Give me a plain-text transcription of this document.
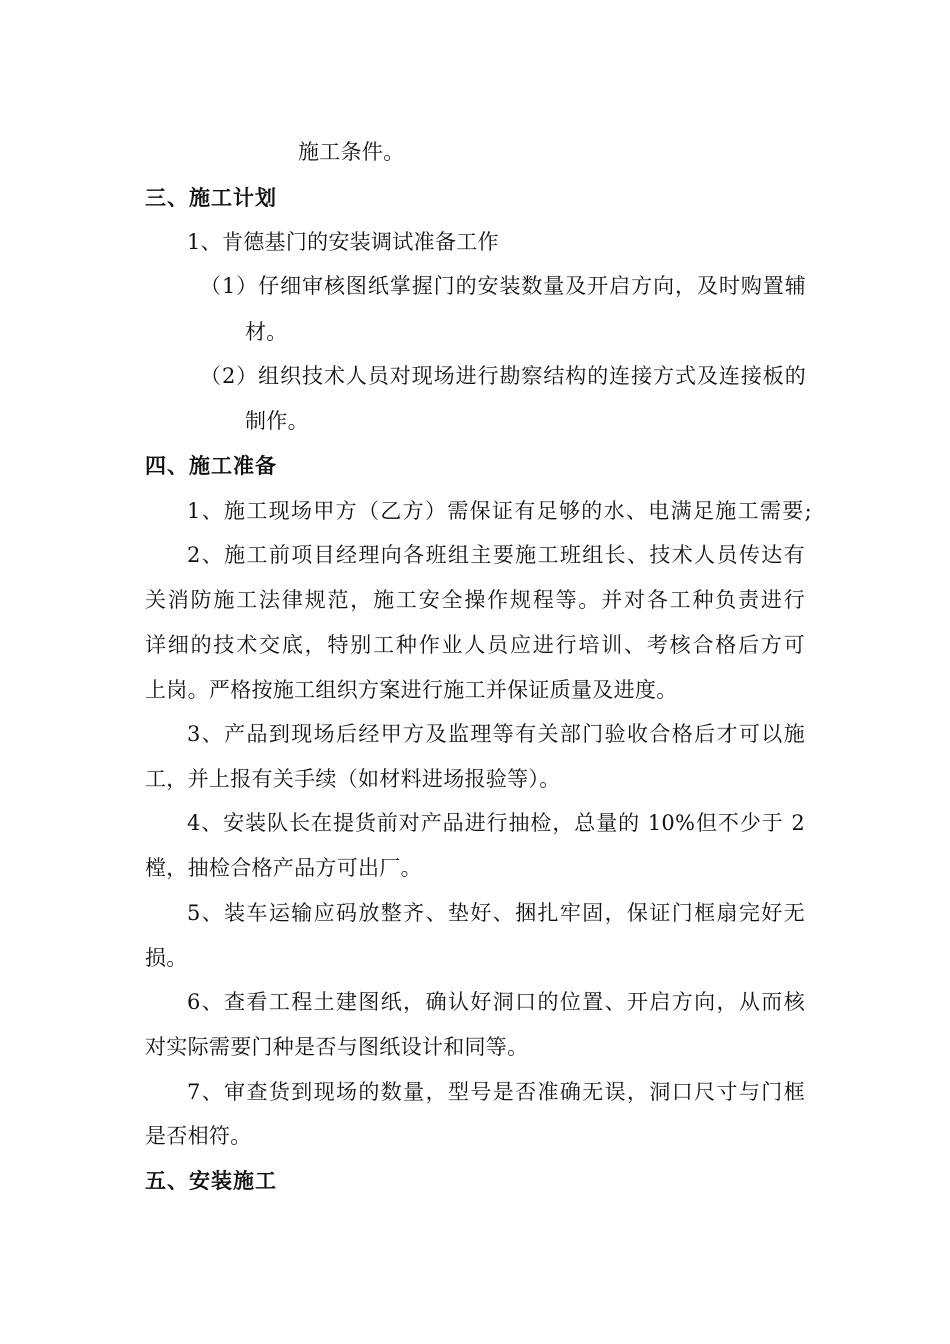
施工条件。
三、施工计划
1、肯德基门的安装调试准备工作
（1）仔细审核图纸掌握门的安装数量及开启方向，及时购置辅
材。
（2）组织技术人员对现场进行勘察结构的连接方式及连接板的
制作。
四、施工准备
1、施工现场甲方（乙方）需保证有足够的水、电满足施工需要;
2、施工前项目经理向各班组主要施工班组长、技术人员传达有
关消防施工法律规范，施工安全操作规程等。并对各工种负责进行
详细的技术交底，特别工种作业人员应进行培训、考核合格后方可
上岗。严格按施工组织方案进行施工并保证质量及进度。
3、产品到现场后经甲方及监理等有关部门验收合格后才可以施
工，并上报有关手续（如材料进场报验等）。
4、安装队长在提货前对产品进行抽检，总量的 10%但不少于 2
樘，抽检合格产品方可出厂。
5、装车运输应码放整齐、垫好、捆扎牢固，保证门框扇完好无
损。
6、查看工程土建图纸，确认好洞口的位置、开启方向，从而核
对实际需要门种是否与图纸设计和同等。
7、审查货到现场的数量，型号是否准确无误，洞口尺寸与门框
是否相符。
五、安装施工
